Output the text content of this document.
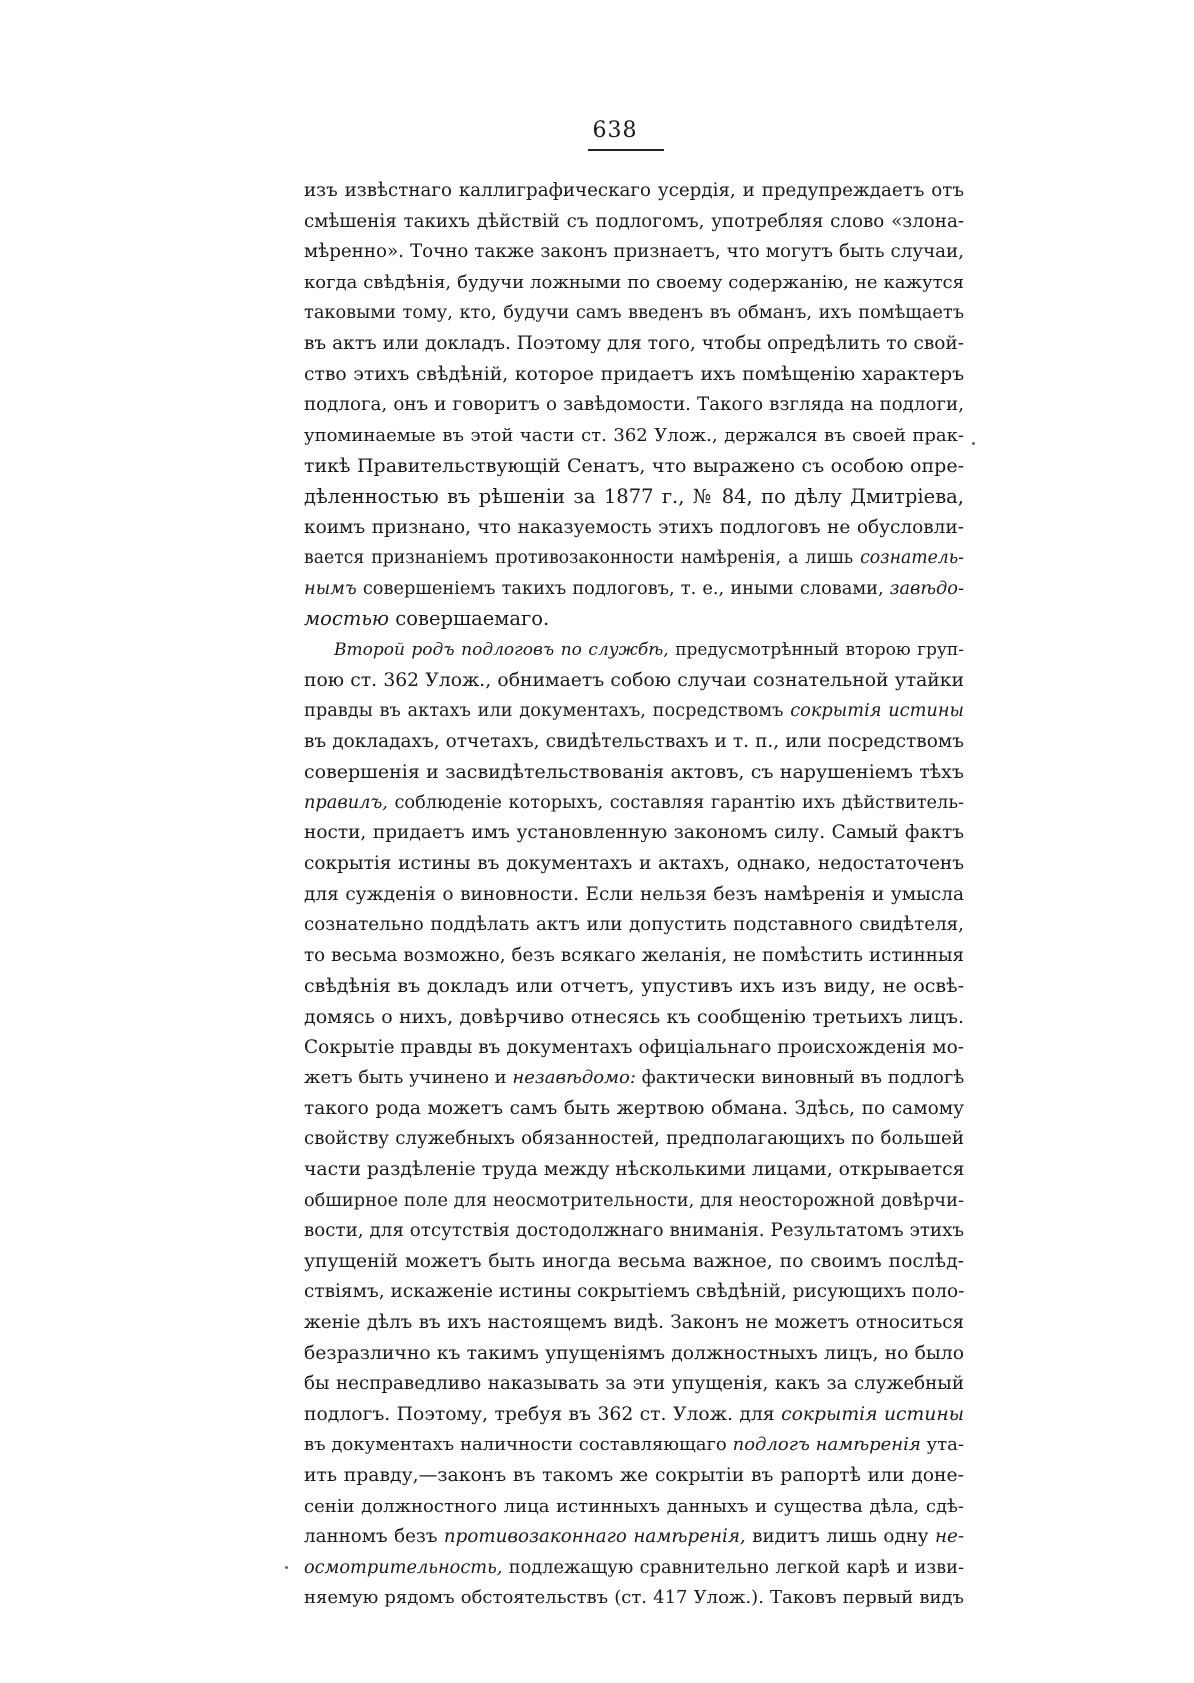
638
изъ извѣстнаго каллиграфическаго усердія, и предупреждаетъ отъ
смѣшенія такихъ дѣйствій съ подлогомъ, употребляя слово «злона-
мѣренно». Точно также законъ признаетъ, что могутъ быть случаи,
когда свѣдѣнія, будучи ложными по своему содержанію, не кажутся
таковыми тому, кто, будучи самъ введенъ въ обманъ, ихъ помѣщаетъ
въ актъ или докладъ. Поэтому для того, чтобы опредѣлить то свой-
ство этихъ свѣдѣній, которое придаетъ ихъ помѣщенію характеръ
подлога, онъ и говоритъ о завѣдомости. Такого взгляда на подлоги,
упоминаемые въ этой части ст. 362 Улож., держался въ своей прак-
тикѣ Правительствующій Сенатъ, что выражено съ особою опре-
дѣленностью въ рѣшеніи за 1877 г., № 84, по дѣлу Дмитріева,
коимъ признано, что наказуемость этихъ подлоговъ не обусловли-
вается признаніемъ противозаконности намѣренія, а лишь сознатель-
нымъ совершеніемъ такихъ подлоговъ, т. е., иными словами, завѣдо-
мостью совершаемаго.
Второй родъ подлоговъ по службѣ, предусмотрѣнный второю груп-
пою ст. 362 Улож., обнимаетъ собою случаи сознательной утайки
правды въ актахъ или документахъ, посредствомъ сокрытія истины
въ докладахъ, отчетахъ, свидѣтельствахъ и т. п., или посредствомъ
совершенія и засвидѣтельствованія актовъ, съ нарушеніемъ тѣхъ
правилъ, соблюденіе которыхъ, составляя гарантію ихъ дѣйствитель-
ности, придаетъ имъ установленную закономъ силу. Самый фактъ
сокрытія истины въ документахъ и актахъ, однако, недостаточенъ
для сужденія о виновности. Если нельзя безъ намѣренія и умысла
сознательно поддѣлать актъ или допустить подставного свидѣтеля,
то весьма возможно, безъ всякаго желанія, не помѣстить истинныя
свѣдѣнія въ докладъ или отчетъ, упустивъ ихъ изъ виду, не освѣ-
домясь о нихъ, довѣрчиво отнесясь къ сообщенію третьихъ лицъ.
Сокрытіе правды въ документахъ офиціальнаго происхожденія мо-
жетъ быть учинено и незавѣдомо: фактически виновный въ подлогѣ
такого рода можетъ самъ быть жертвою обмана. Здѣсь, по самому
свойству служебныхъ обязанностей, предполагающихъ по большей
части раздѣленіе труда между нѣсколькими лицами, открывается
обширное поле для неосмотрительности, для неосторожной довѣрчи-
вости, для отсутствія достодолжнаго вниманія. Результатомъ этихъ
упущеній можетъ быть иногда весьма важное, по своимъ послѣд-
ствіямъ, искаженіе истины сокрытіемъ свѣдѣній, рисующихъ поло-
женіе дѣлъ въ ихъ настоящемъ видѣ. Законъ не можетъ относиться
безразлично къ такимъ упущеніямъ должностныхъ лицъ, но было
бы несправедливо наказывать за эти упущенія, какъ за служебный
подлогъ. Поэтому, требуя въ 362 ст. Улож. для сокрытія истины
въ документахъ наличности составляющаго подлогъ намѣренія ута-
ить правду,—законъ въ такомъ же сокрытіи въ рапортѣ или доне-
сеніи должностного лица истинныхъ данныхъ и существа дѣла, сдѣ-
ланномъ безъ противозаконнаго намѣренія, видитъ лишь одну не-
осмотрительность, подлежащую сравнительно легкой карѣ и изви-
няемую рядомъ обстоятельствъ (ст. 417 Улож.). Таковъ первый видъ
